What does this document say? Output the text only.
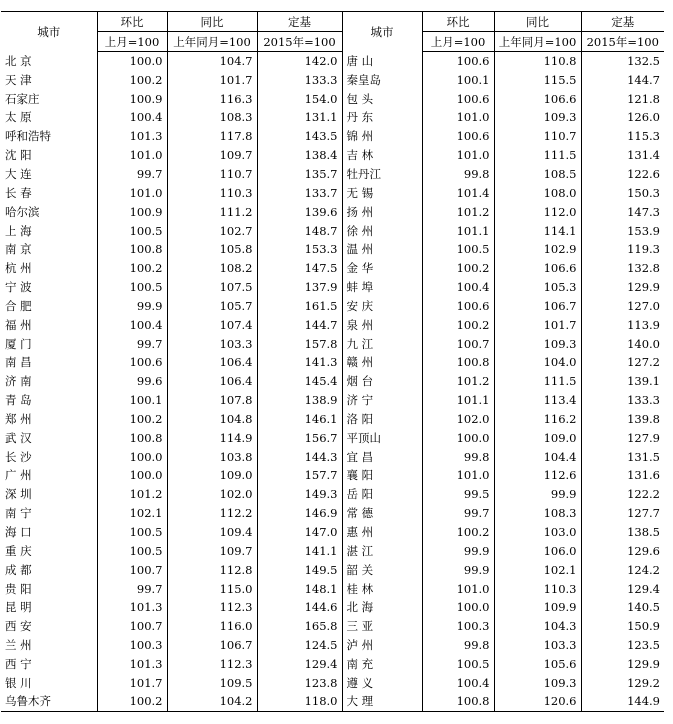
城市	环比	同比	定基	城市	环比	同比	定基
	上月=100	上年同月=100	2015年=100		上月=100	上年同月=100	2015年=100
北 京	100.0	104.7	142.0	唐 山	100.6	110.8	132.5
天 津	100.2	101.7	133.3	秦皇岛	100.1	115.5	144.7
石家庄	100.9	116.3	154.0	包 头	100.6	106.6	121.8
太 原	100.4	108.3	131.1	丹 东	101.0	109.3	126.0
呼和浩特	101.3	117.8	143.5	锦 州	100.6	110.7	115.3
沈 阳	101.0	109.7	138.4	吉 林	101.0	111.5	131.4
大 连	99.7	110.7	135.7	牡丹江	99.8	108.5	122.6
长 春	101.0	110.3	133.7	无 锡	101.4	108.0	150.3
哈尔滨	100.9	111.2	139.6	扬 州	101.2	112.0	147.3
上 海	100.5	102.7	148.7	徐 州	101.1	114.1	153.9
南 京	100.8	105.8	153.3	温 州	100.5	102.9	119.3
杭 州	100.2	108.2	147.5	金 华	100.2	106.6	132.8
宁 波	100.5	107.5	137.9	蚌 埠	100.4	105.3	129.9
合 肥	99.9	105.7	161.5	安 庆	100.6	106.7	127.0
福 州	100.4	107.4	144.7	泉 州	100.2	101.7	113.9
厦 门	99.7	103.3	157.8	九 江	100.7	109.3	140.0
南 昌	100.6	106.4	141.3	赣 州	100.8	104.0	127.2
济 南	99.6	106.4	145.4	烟 台	101.2	111.5	139.1
青 岛	100.1	107.8	138.9	济 宁	101.1	113.4	133.3
郑 州	100.2	104.8	146.1	洛 阳	102.0	116.2	139.8
武 汉	100.8	114.9	156.7	平顶山	100.0	109.0	127.9
长 沙	100.0	103.8	144.3	宜 昌	99.8	104.4	131.5
广 州	100.0	109.0	157.7	襄 阳	101.0	112.6	131.6
深 圳	101.2	102.0	149.3	岳 阳	99.5	99.9	122.2
南 宁	102.1	112.2	146.9	常 德	99.7	108.3	127.7
海 口	100.5	109.4	147.0	惠 州	100.2	103.0	138.5
重 庆	100.5	109.7	141.1	湛 江	99.9	106.0	129.6
成 都	100.7	112.8	149.5	韶 关	99.9	102.1	124.2
贵 阳	99.7	115.0	148.1	桂 林	101.0	110.3	129.4
昆 明	101.3	112.3	144.6	北 海	100.0	109.9	140.5
西 安	100.7	116.0	165.8	三 亚	100.3	104.3	150.9
兰 州	100.3	106.7	124.5	泸 州	99.8	103.3	123.5
西 宁	101.3	112.3	129.4	南 充	100.5	105.6	129.9
银 川	101.7	109.5	123.8	遵 义	100.4	109.3	129.2
乌鲁木齐	100.2	104.2	118.0	大 理	100.8	120.6	144.9
